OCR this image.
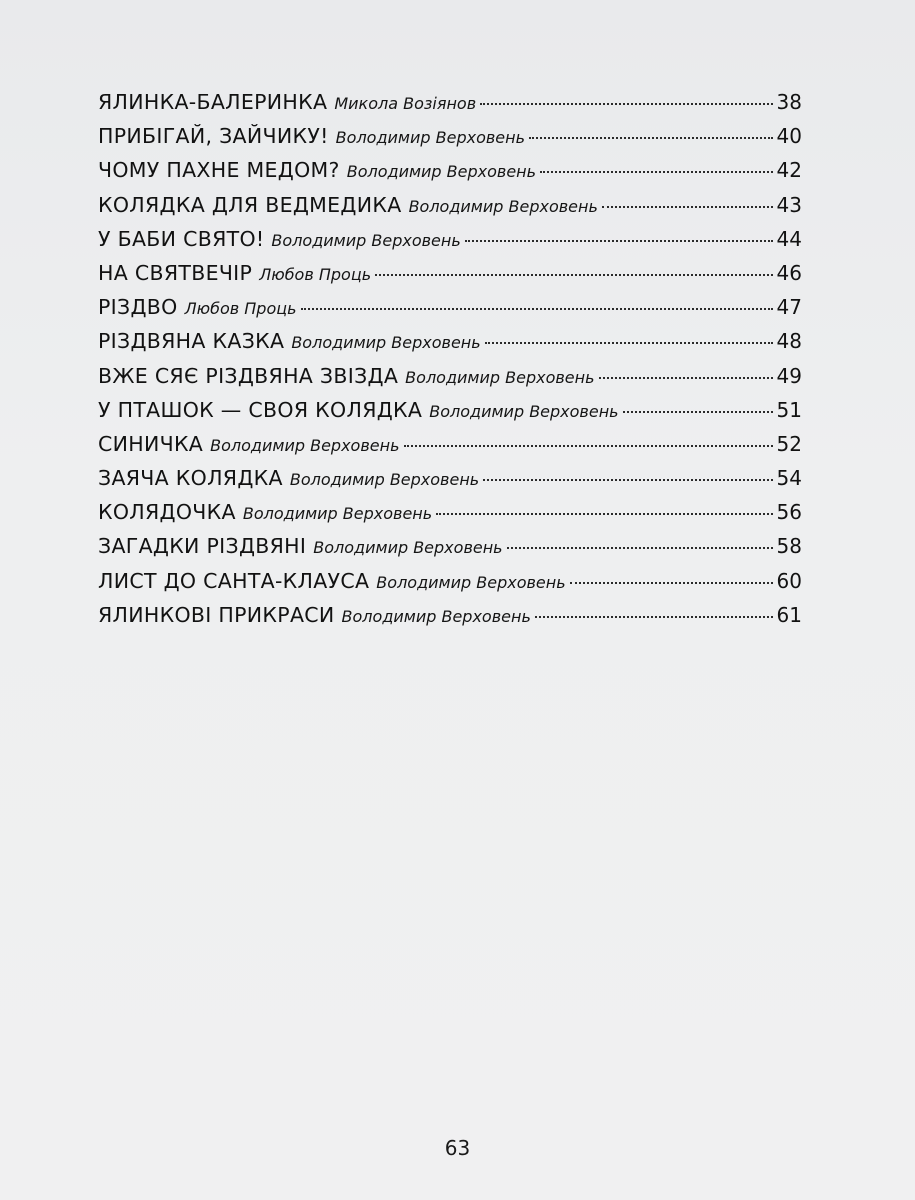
ЯЛИНКА-БАЛЕРИНКА Микола Возіянов	38
ПРИБІГАЙ, ЗАЙЧИКУ! Володимир Верховень	40
ЧОМУ ПАХНЕ МЕДОМ? Володимир Верховень	42
КОЛЯДКА ДЛЯ ВЕДМЕДИКА Володимир Верховень	43
У БАБИ СВЯТО! Володимир Верховень	44
НА СВЯТВЕЧІР Любов Проць	46
РІЗДВО Любов Проць	47
РІЗДВЯНА КАЗКА Володимир Верховень	48
ВЖЕ СЯЄ РІЗДВЯНА ЗВІЗДА Володимир Верховень	49
У ПТАШОК — СВОЯ КОЛЯДКА Володимир Верховень	51
СИНИЧКА Володимир Верховень	52
ЗАЯЧА КОЛЯДКА Володимир Верховень	54
КОЛЯДОЧКА Володимир Верховень	56
ЗАГАДКИ РІЗДВЯНІ Володимир Верховень	58
ЛИСТ ДО САНТА-КЛАУСА Володимир Верховень	60
ЯЛИНКОВІ ПРИКРАСИ Володимир Верховень	61
63
